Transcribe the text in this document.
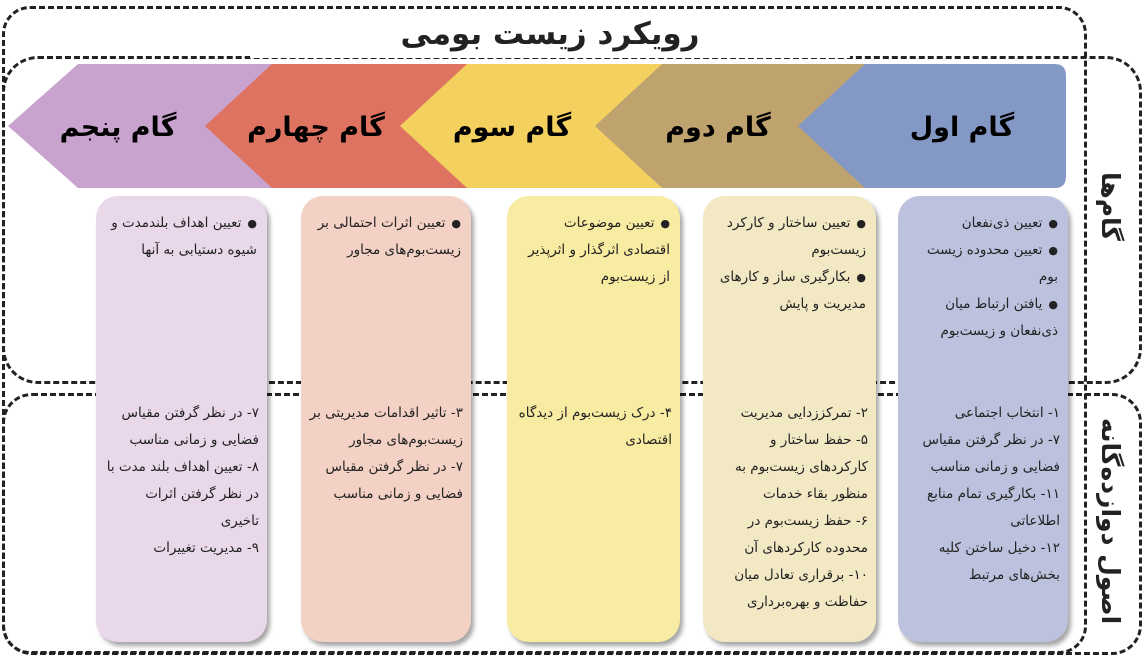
رویکرد زیست بومی
گام‌ها
اصول دوازده‌گانه
● تعیین ذی‌نفعان
● تعیین محدوده زیست بوم
● یافتن ارتباط میان ذی‌نفعان و زیست‌بوم

۱- انتخاب اجتماعی

۷- در نظر گرفتن مقیاس فضایی و زمانی مناسب

۱۱- بکارگیری تمام منابع اطلاعاتی

۱۲- دخیل ساختن کلیه بخش‌های مرتبط

● تعیین ساختار و کارکرد زیست‌بوم
● بکارگیری ساز و کارهای مدیریت و پایش

۲- تمرکززدایی مدیریت

۵- حفظ ساختار و کارکردهای زیست‌بوم به منظور بقاء خدمات

۶- حفظ زیست‌بوم در محدوده کارکردهای آن

۱۰- برقراری تعادل میان حفاظت و بهره‌برداری

● تعیین موضوعات اقتصادی اثرگذار و اثرپذیر از زیست‌بوم

۴- درک زیست‌بوم از دیدگاه اقتصادی

● تعیین اثرات احتمالی بر زیست‌بوم‌های مجاور

۳- تاثیر اقدامات مدیریتی بر زیست‌بوم‌های مجاور

۷- در نظر گرفتن مقیاس فضایی و زمانی مناسب

● تعیین اهداف بلندمدت و شیوه دستیابی به آنها

۷- در نظر گرفتن مقیاس فضایی و زمانی مناسب

۸- تعیین اهداف بلند مدت با در نظر گرفتن اثرات تاخیری

۹- مدیریت تغییرات

گام پنجم	گام چهارم	گام سوم	گام دوم	گام اول
